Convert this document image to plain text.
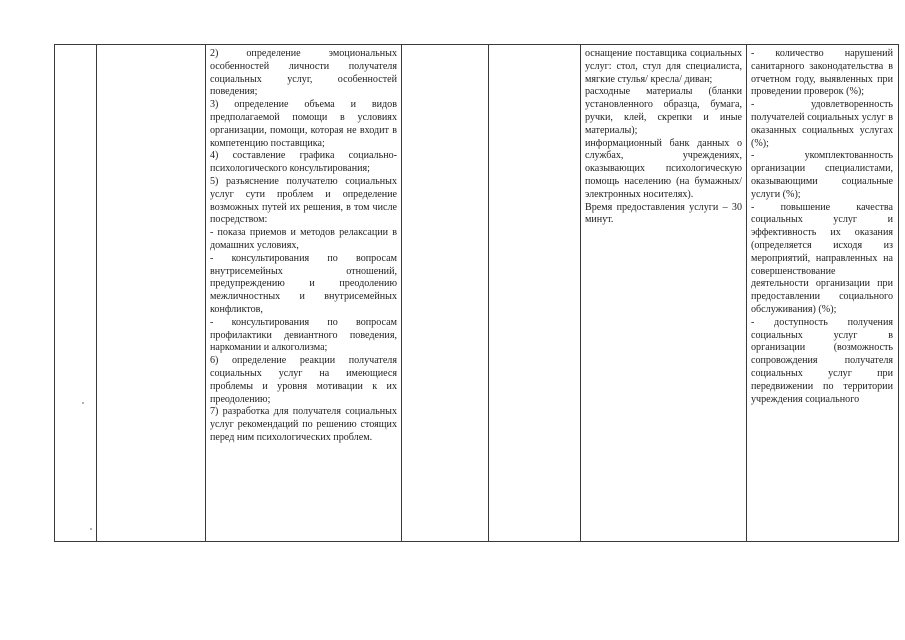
2) определение эмоциональных особенностей личности получателя социальных услуг, особенностей поведения;

3) определение объема и видов предполагаемой помощи в условиях организации, помощи, которая не входит в компетенцию поставщика;

4) составление графика социально-психологического консультирования;

5) разъяснение получателю социальных услуг сути проблем и определение возможных путей их решения, в том числе посредством:

- показа приемов и методов релаксации в домашних условиях,

- консультирования по вопросам внутрисемейных отношений, предупреждению и преодолению межличностных и внутрисемейных конфликтов,

- консультирования по вопросам профилактики девиантного поведения, наркомании и алкоголизма;

6) определение реакции получателя социальных услуг на имеющиеся проблемы и уровня мотивации к их преодолению;

7) разработка для получателя социальных услуг рекомендаций по решению стоящих перед ним психологических проблем.

оснащение поставщика социальных услуг: стол, стул для специалиста, мягкие стулья/ кресла/ диван;

расходные материалы (бланки установленного образца, бумага, ручки, клей, скрепки и иные материалы);

информационный банк данных о службах, учреждениях, оказывающих психологическую помощь населению (на бумажных/электронных носителях).

Время предоставления услуги – 30 минут.

- количество нарушений санитарного законодательства в отчетном году, выявленных при проведении проверок (%);

- удовлетворенность получателей социальных услуг в оказанных социальных услугах (%);

- укомплектованность организации специалистами, оказывающими социальные услуги (%);

- повышение качества социальных услуг и эффективность их оказания (определяется исходя из мероприятий, направленных на совершенствование деятельности организации при предоставлении социального обслуживания) (%);

- доступность получения социальных услуг в организации (возможность сопровождения получателя социальных услуг при передвижении по территории учреждения социального
